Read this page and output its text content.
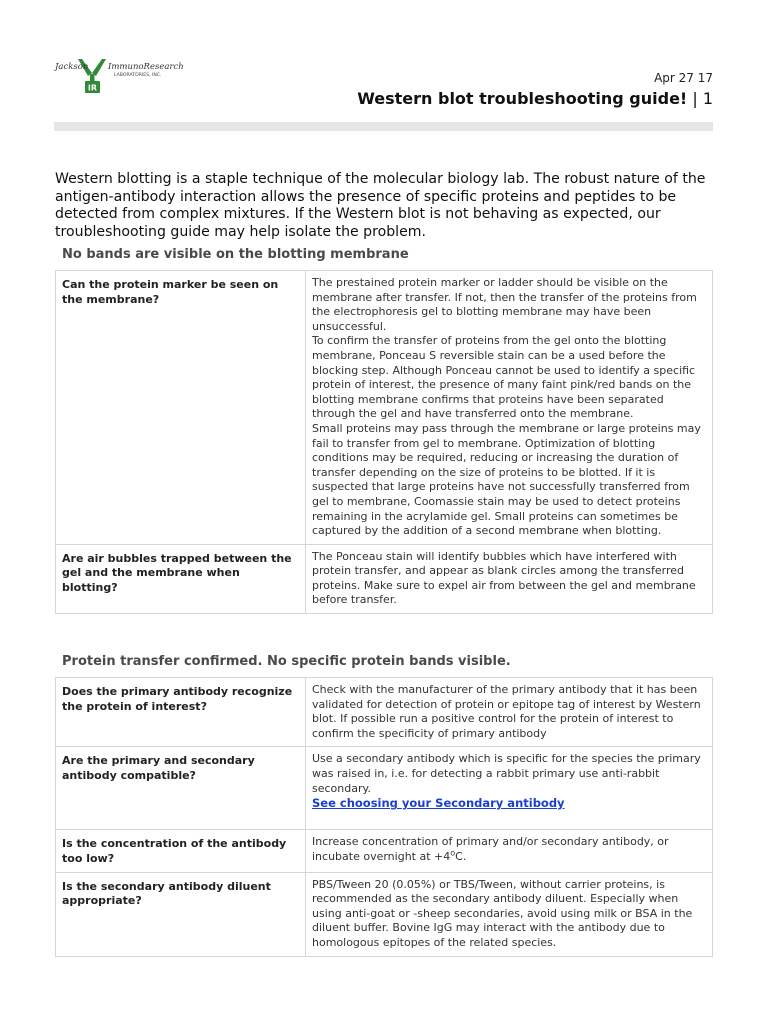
IR
Jackson ImmunoResearch
LABORATORIES, INC.	Apr 27 17
Western blot troubleshooting guide! | 1
Western blotting is a staple technique of the molecular biology lab. The robust nature of the antigen-antibody interaction allows the presence of specific proteins and peptides to be detected from complex mixtures. If the Western blot is not behaving as expected, our troubleshooting guide may help isolate the problem.
No bands are visible on the blotting membrane
Can the protein marker be seen on the membrane?	The prestained protein marker or ladder should be visible on the membrane after transfer. If not, then the transfer of the proteins from the electrophoresis gel to blotting membrane may have been unsuccessful.
To confirm the transfer of proteins from the gel onto the blotting membrane, Ponceau S reversible stain can be a used before the blocking step. Although Ponceau cannot be used to identify a specific protein of interest, the presence of many faint pink/red bands on the blotting membrane confirms that proteins have been separated through the gel and have transferred onto the membrane.
Small proteins may pass through the membrane or large proteins may fail to transfer from gel to membrane. Optimization of blotting conditions may be required, reducing or increasing the duration of transfer depending on the size of proteins to be blotted. If it is suspected that large proteins have not successfully transferred from gel to membrane, Coomassie stain may be used to detect proteins remaining in the acrylamide gel. Small proteins can sometimes be captured by the addition of a second membrane when blotting.

Are air bubbles trapped between the gel and the membrane when blotting?	The Ponceau stain will identify bubbles which have interfered with protein transfer, and appear as blank circles among the transferred proteins. Make sure to expel air from between the gel and membrane before transfer.
Protein transfer confirmed. No specific protein bands visible.
Does the primary antibody recognize the protein of interest?	Check with the manufacturer of the primary antibody that it has been validated for detection of protein or epitope tag of interest by Western blot. If possible run a positive control for the protein of interest to confirm the specificity of primary antibody

Are the primary and secondary antibody compatible?	Use a secondary antibody which is specific for the species the primary was raised in, i.e. for detecting a rabbit primary use anti-rabbit secondary.
See choosing your Secondary antibody
Is the concentration of the antibody too low?	Increase concentration of primary and/or secondary antibody, or incubate overnight at $+4^oC$.
Is the secondary antibody diluent appropriate?	PBS/Tween 20 (0.05%) or TBS/Tween, without carrier proteins, is recommended as the secondary antibody diluent. Especially when using anti-goat or -sheep secondaries, avoid using milk or BSA in the diluent buffer. Bovine IgG may interact with the antibody due to homologous epitopes of the related species.
